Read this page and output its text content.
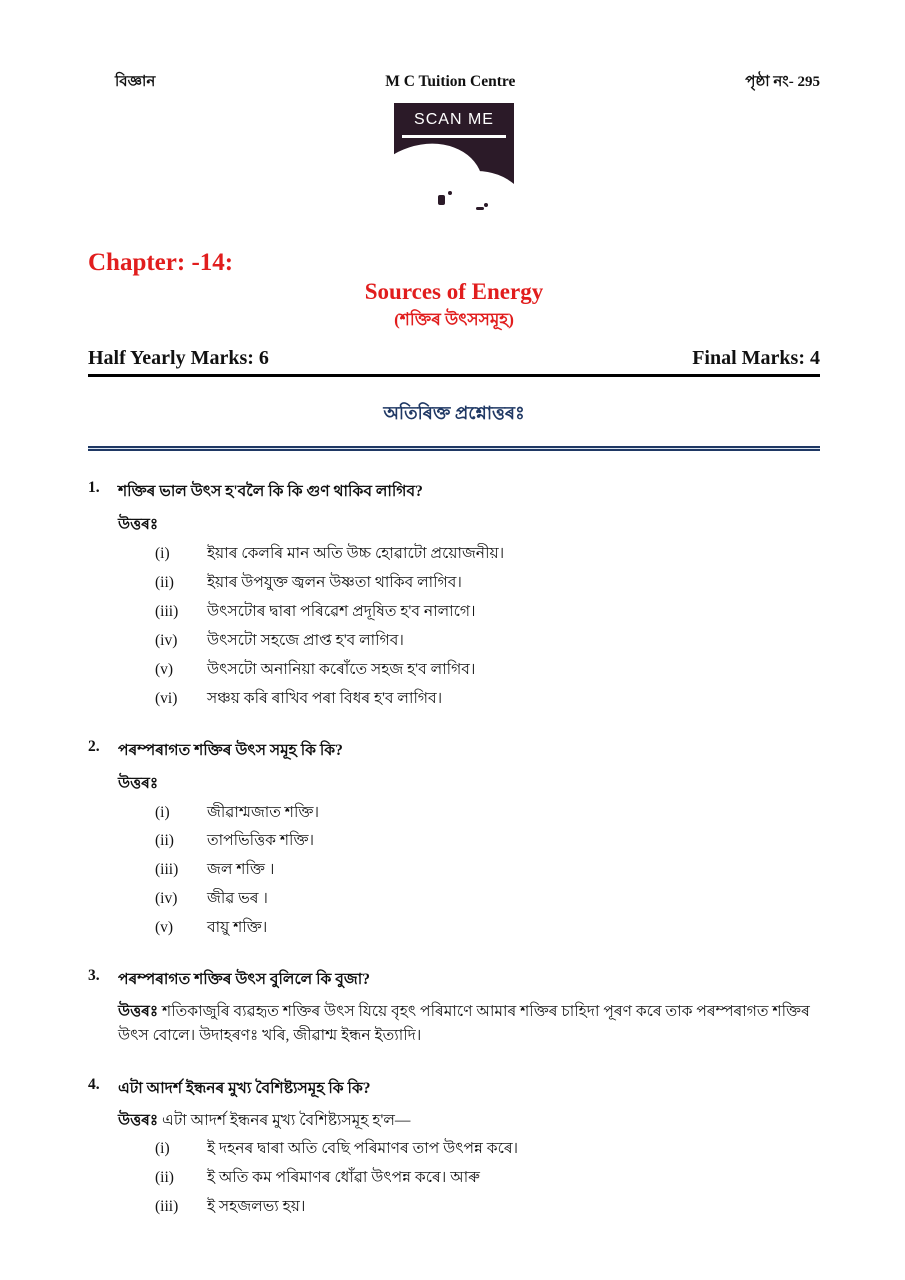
বিজ্ঞান	M C Tuition Centre	পৃষ্ঠা নং- 295
SCAN ME
Chapter: -14:
Sources of Energy
(শক্তিৰ উৎসসমূহ)
Half Yearly Marks: 6	Final Marks: 4
অতিৰিক্ত প্ৰশ্নোত্তৰঃ
1.	শক্তিৰ ভাল উৎস হ'বলৈ কি কি গুণ থাকিব লাগিব?
উত্তৰঃ
(i)	ইয়াৰ কেলৰি মান অতি উচ্চ হোৱাটো প্ৰয়োজনীয়।
(ii)	ইয়াৰ উপযুক্ত জ্বলন উষ্ণতা থাকিব লাগিব।
(iii)	উৎসটোৰ দ্বাৰা পৰিৱেশ প্ৰদূষিত হ'ব নালাগে।
(iv)	উৎসটো সহজে প্ৰাপ্ত হ'ব লাগিব।
(v)	উৎসটো অনানিয়া কৰোঁতে সহজ হ'ব লাগিব।
(vi)	সঞ্চয় কৰি ৰাখিব পৰা বিধৰ হ'ব লাগিব।
2.	পৰম্পৰাগত শক্তিৰ উৎস সমূহ কি কি?
উত্তৰঃ
(i)	জীৱাশ্মজাত শক্তি।
(ii)	তাপভিত্তিক শক্তি।
(iii)	জল শক্তি ।
(iv)	জীৱ ভৰ ।
(v)	বায়ু শক্তি।
3.	পৰম্পৰাগত শক্তিৰ উৎস বুলিলে কি বুজা?
উত্তৰঃ শতিকাজুৰি ব্যৱহৃত শক্তিৰ উৎস যিয়ে বৃহৎ পৰিমাণে আমাৰ শক্তিৰ চাহিদা পূৰণ কৰে তাক পৰম্পৰাগত শক্তিৰ উৎস বোলে। উদাহৰণঃ খৰি, জীৱাশ্ম ইন্ধন ইত্যাদি।
4.	এটা আদৰ্শ ইন্ধনৰ মুখ্য বৈশিষ্ট্যসমূহ কি কি?
উত্তৰঃ এটা আদৰ্শ ইন্ধনৰ মুখ্য বৈশিষ্ট্যসমূহ হ'ল—
(i)	ই দহনৰ দ্বাৰা অতি বেছি পৰিমাণৰ তাপ উৎপন্ন কৰে।
(ii)	ই অতি কম পৰিমাণৰ ধোঁৱা উৎপন্ন কৰে। আৰু
(iii)	ই সহজলভ্য হয়।
